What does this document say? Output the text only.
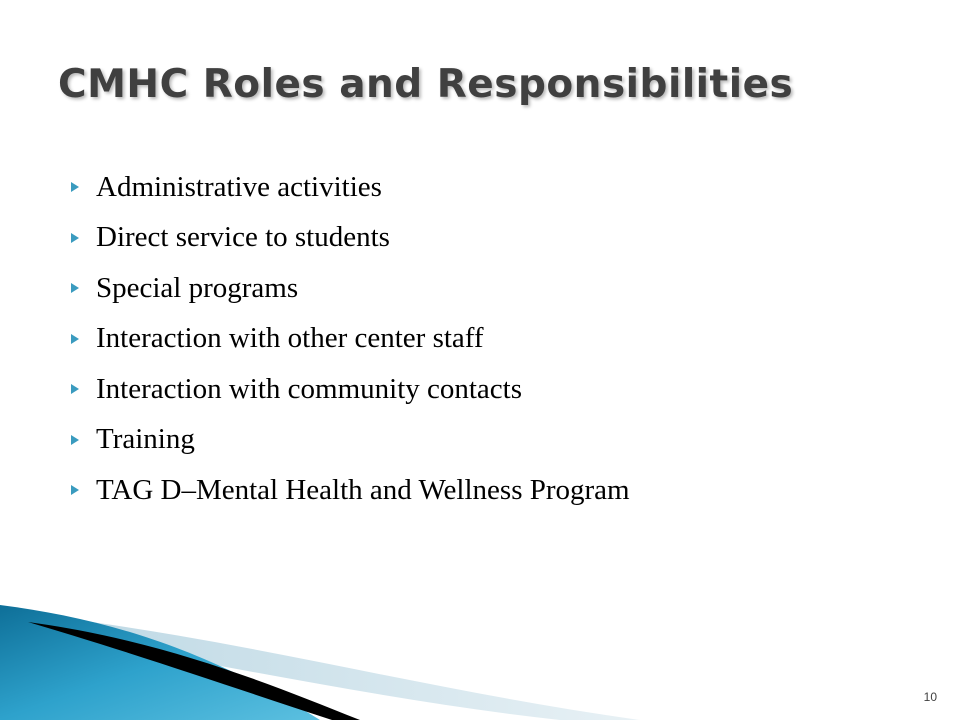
CMHC Roles and Responsibilities
Administrative activities
Direct service to students
Special programs
Interaction with other center staff
Interaction with community contacts
Training
TAG D–Mental Health and Wellness Program
10
